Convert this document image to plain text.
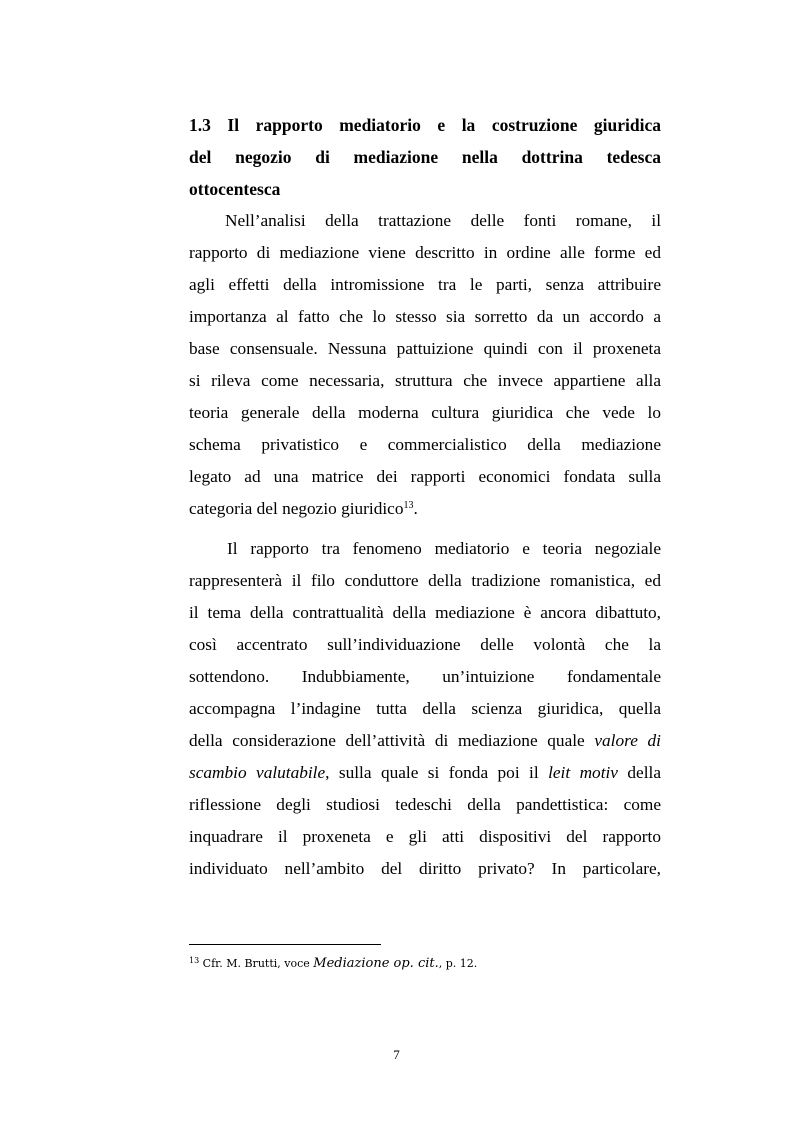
1.3 Il rapporto mediatorio e la costruzione giuridica
del negozio di mediazione nella dottrina tedesca
ottocentesca
Nell’analisi della trattazione delle fonti romane, il
rapporto di mediazione viene descritto in ordine alle forme ed
agli effetti della intromissione tra le parti, senza attribuire
importanza al fatto che lo stesso sia sorretto da un accordo a
base consensuale. Nessuna pattuizione quindi con il proxeneta
si rileva come necessaria, struttura che invece appartiene alla
teoria generale della moderna cultura giuridica che vede lo
schema privatistico e commercialistico della mediazione
legato ad una matrice dei rapporti economici fondata sulla
categoria del negozio giuridico$^{13}$.
Il rapporto tra fenomeno mediatorio e teoria negoziale
rappresenterà il filo conduttore della tradizione romanistica, ed
il tema della contrattualità della mediazione è ancora dibattuto,
così accentrato sull’individuazione delle volontà che la
sottendono. Indubbiamente, un’intuizione fondamentale
accompagna l’indagine tutta della scienza giuridica, quella
della considerazione dell’attività di mediazione quale valore di
scambio valutabile, sulla quale si fonda poi il leit motiv della
riflessione degli studiosi tedeschi della pandettistica: come
inquadrare il proxeneta e gli atti dispositivi del rapporto
individuato nell’ambito del diritto privato? In particolare,
$^{13}$ Cfr. M. Brutti, voce Mediazione op. cit., p. 12.
7
